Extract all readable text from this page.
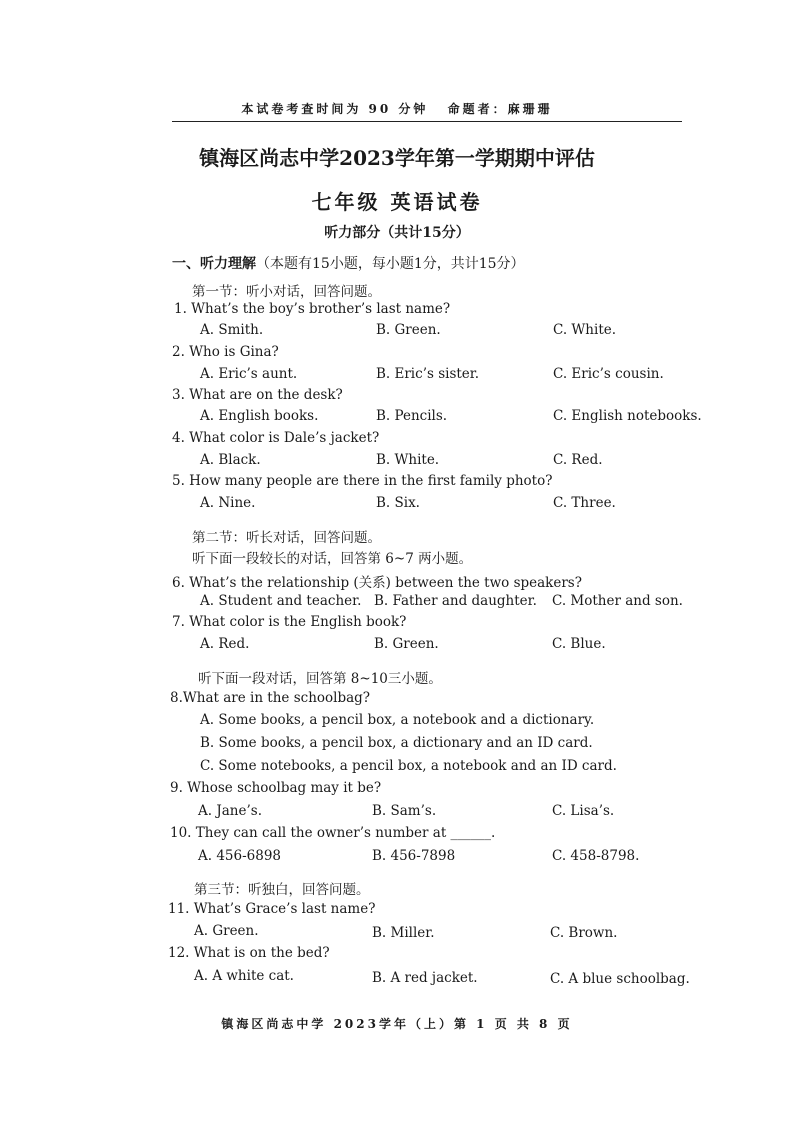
本试卷考查时间为 90 分钟 命题者：麻珊珊
镇海区尚志中学2023学年第一学期期中评估
七年级 英语试卷
听力部分（共计15分）
一、听力理解（本题有15小题，每小题1分，共计15分）
第一节：听小对话，回答问题。
1. What’s the boy’s brother’s last name?
A. Smith.	B. Green.	C. White.
2. Who is Gina?
A. Eric’s aunt.	B. Eric’s sister.	C. Eric’s cousin.
3. What are on the desk?
A. English books.	B. Pencils.	C. English notebooks.
4. What color is Dale’s jacket?
A. Black.	B. White.	C. Red.
5. How many people are there in the first family photo?
A. Nine.	B. Six.	C. Three.
第二节：听长对话，回答问题。
听下面一段较长的对话，回答第 6~7 两小题。
6. What’s the relationship (关系) between the two speakers?
A. Student and teacher. B. Father and daughter. C. Mother and son.
7. What color is the English book?
A. Red.	B. Green.	C. Blue.
听下面一段对话，回答第 8~10三小题。
8.What are in the schoolbag?
A. Some books, a pencil box, a notebook and a dictionary.
B. Some books, a pencil box, a dictionary and an ID card.
C. Some notebooks, a pencil box, a notebook and an ID card.
9. Whose schoolbag may it be?
A. Jane’s.	B. Sam’s.	C. Lisa’s.
10. They can call the owner’s number at ______.
A. 456-6898	B. 456-7898	C. 458-8798.
第三节：听独白，回答问题。
11. What’s Grace’s last name?
A. Green.	B. Miller.	C. Brown.
12. What is on the bed?
A. A white cat.	B. A red jacket.	C. A blue schoolbag.
镇海区尚志中学 2023学年（上）第 1 页 共 8 页
